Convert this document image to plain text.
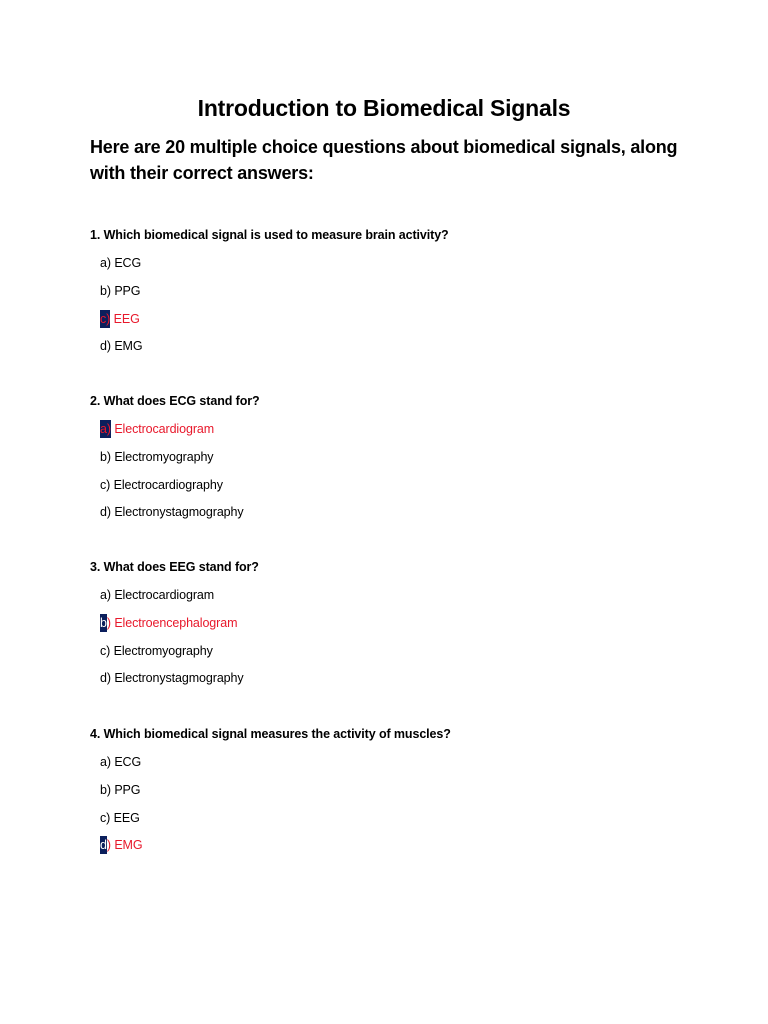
Introduction to Biomedical Signals
Here are 20 multiple choice questions about biomedical signals, along with their correct answers:

1. Which biomedical signal is used to measure brain activity?

a) ECG
b) PPG
c) EEG
d) EMG

2. What does ECG stand for?

a) Electrocardiogram
b) Electromyography
c) Electrocardiography
d) Electronystagmography

3. What does EEG stand for?

a) Electrocardiogram
b) Electroencephalogram
c) Electromyography
d) Electronystagmography

4. Which biomedical signal measures the activity of muscles?

a) ECG
b) PPG
c) EEG
d) EMG
